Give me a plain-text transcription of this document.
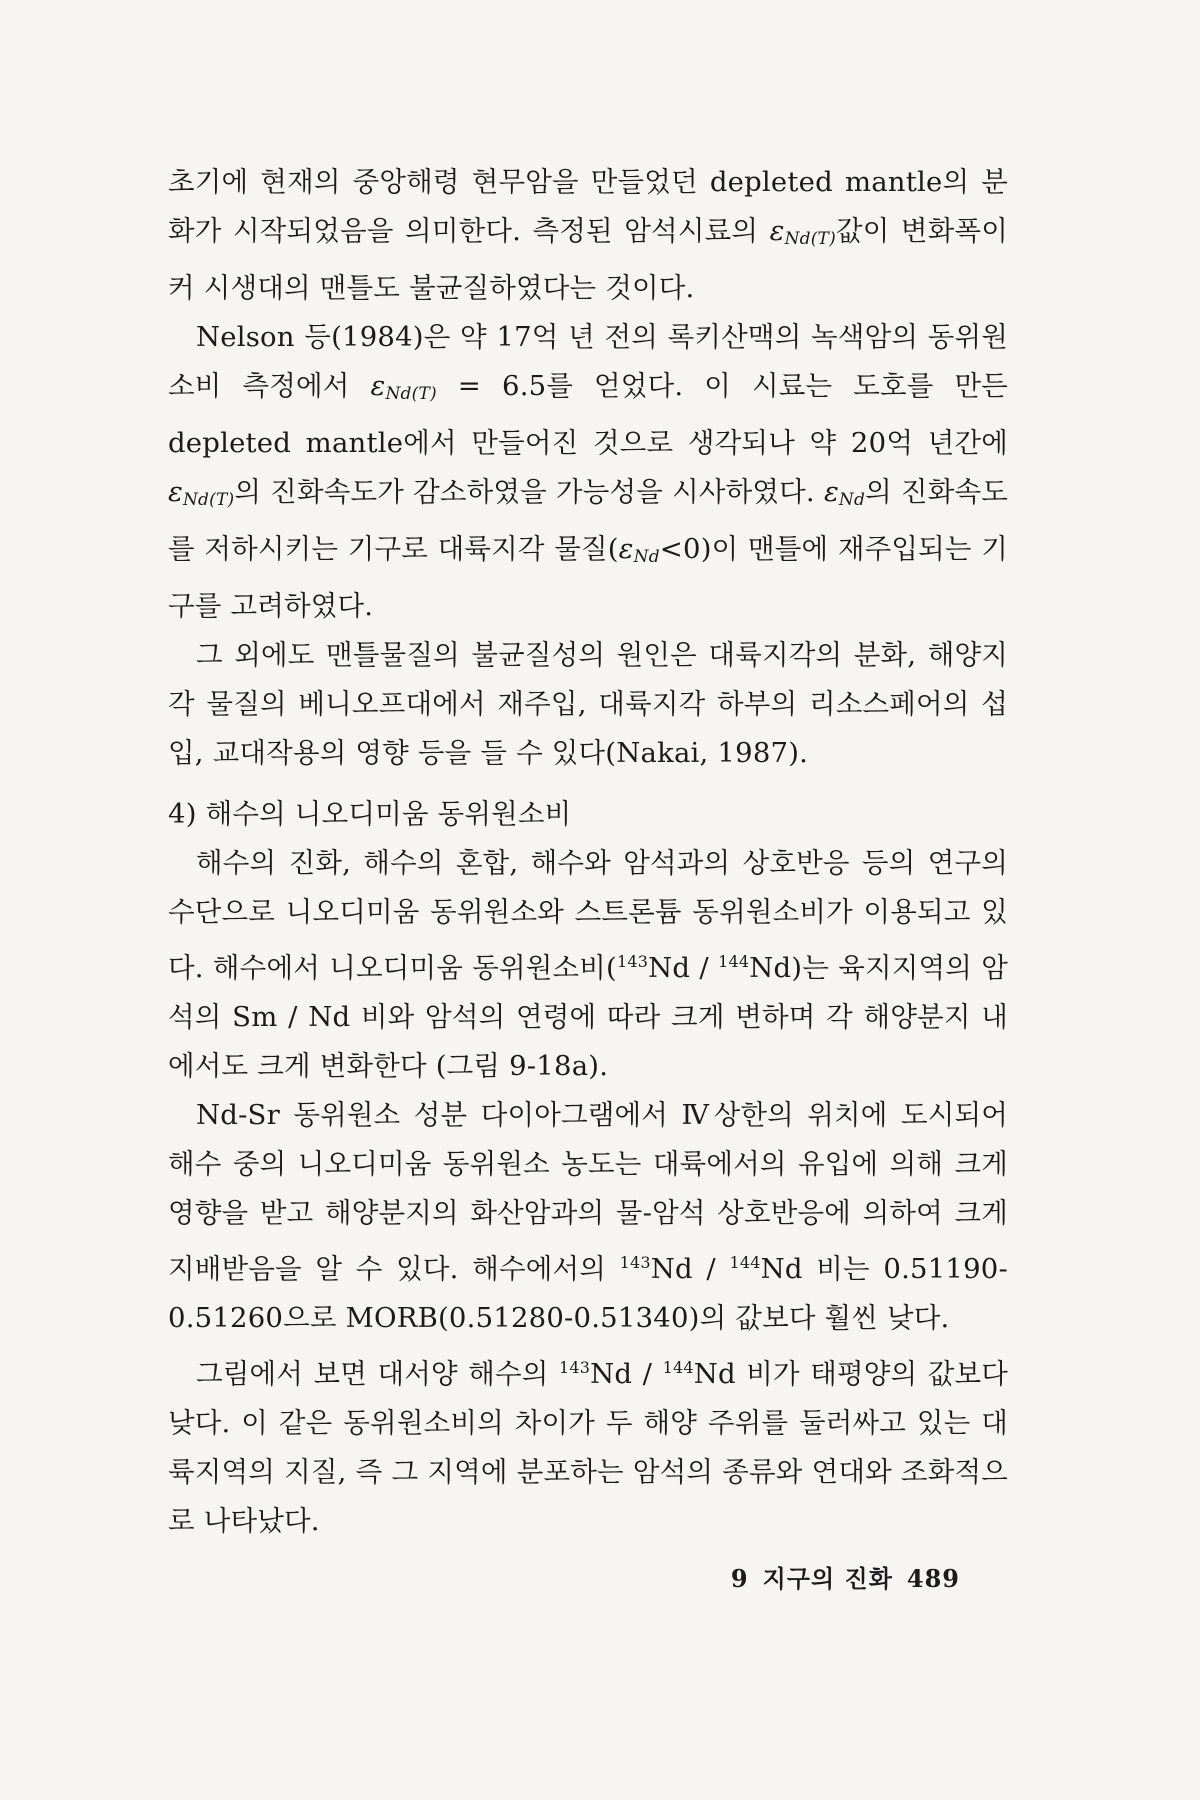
초기에 현재의 중앙해령 현무암을 만들었던 depleted mantle의 분화가 시작되었음을 의미한다. 측정된 암석시료의 $\varepsilon_{Nd(T)}$값이 변화폭이 커 시생대의 맨틀도 불균질하였다는 것이다.

Nelson 등(1984)은 약 17억 년 전의 록키산맥의 녹색암의 동위원소비 측정에서 $\varepsilon_{Nd(T)} = 6.5$를 얻었다. 이 시료는 도호를 만든 depleted mantle에서 만들어진 것으로 생각되나 약 20억 년간에 $\varepsilon_{Nd(T)}$의 진화속도가 감소하였을 가능성을 시사하였다. $\varepsilon_{Nd}$의 진화속도를 저하시키는 기구로 대륙지각 물질$(\varepsilon_{Nd}<0)$이 맨틀에 재주입되는 기구를 고려하였다.

그 외에도 맨틀물질의 불균질성의 원인은 대륙지각의 분화, 해양지각 물질의 베니오프대에서 재주입, 대륙지각 하부의 리소스페어의 섭입, 교대작용의 영향 등을 들 수 있다(Nakai, 1987).

4) 해수의 니오디미움 동위원소비

해수의 진화, 해수의 혼합, 해수와 암석과의 상호반응 등의 연구의 수단으로 니오디미움 동위원소와 스트론튬 동위원소비가 이용되고 있다. 해수에서 니오디미움 동위원소비($^{143}$Nd / $^{144}$Nd)는 육지지역의 암석의 Sm / Nd 비와 암석의 연령에 따라 크게 변하며 각 해양분지 내에서도 크게 변화한다 (그림 9-18a).

Nd-Sr 동위원소 성분 다이아그램에서 Ⅳ상한의 위치에 도시되어 해수 중의 니오디미움 동위원소 농도는 대륙에서의 유입에 의해 크게 영향을 받고 해양분지의 화산암과의 물-암석 상호반응에 의하여 크게 지배받음을 알 수 있다. 해수에서의 $^{143}$Nd / $^{144}$Nd 비는 0.51190-0.51260으로 MORB(0.51280-0.51340)의 값보다 훨씬 낮다.

그림에서 보면 대서양 해수의 $^{143}$Nd / $^{144}$Nd 비가 태평양의 값보다 낮다. 이 같은 동위원소비의 차이가 두 해양 주위를 둘러싸고 있는 대륙지역의 지질, 즉 그 지역에 분포하는 암석의 종류와 연대와 조화적으로 나타났다.

9 지구의 진화 489
